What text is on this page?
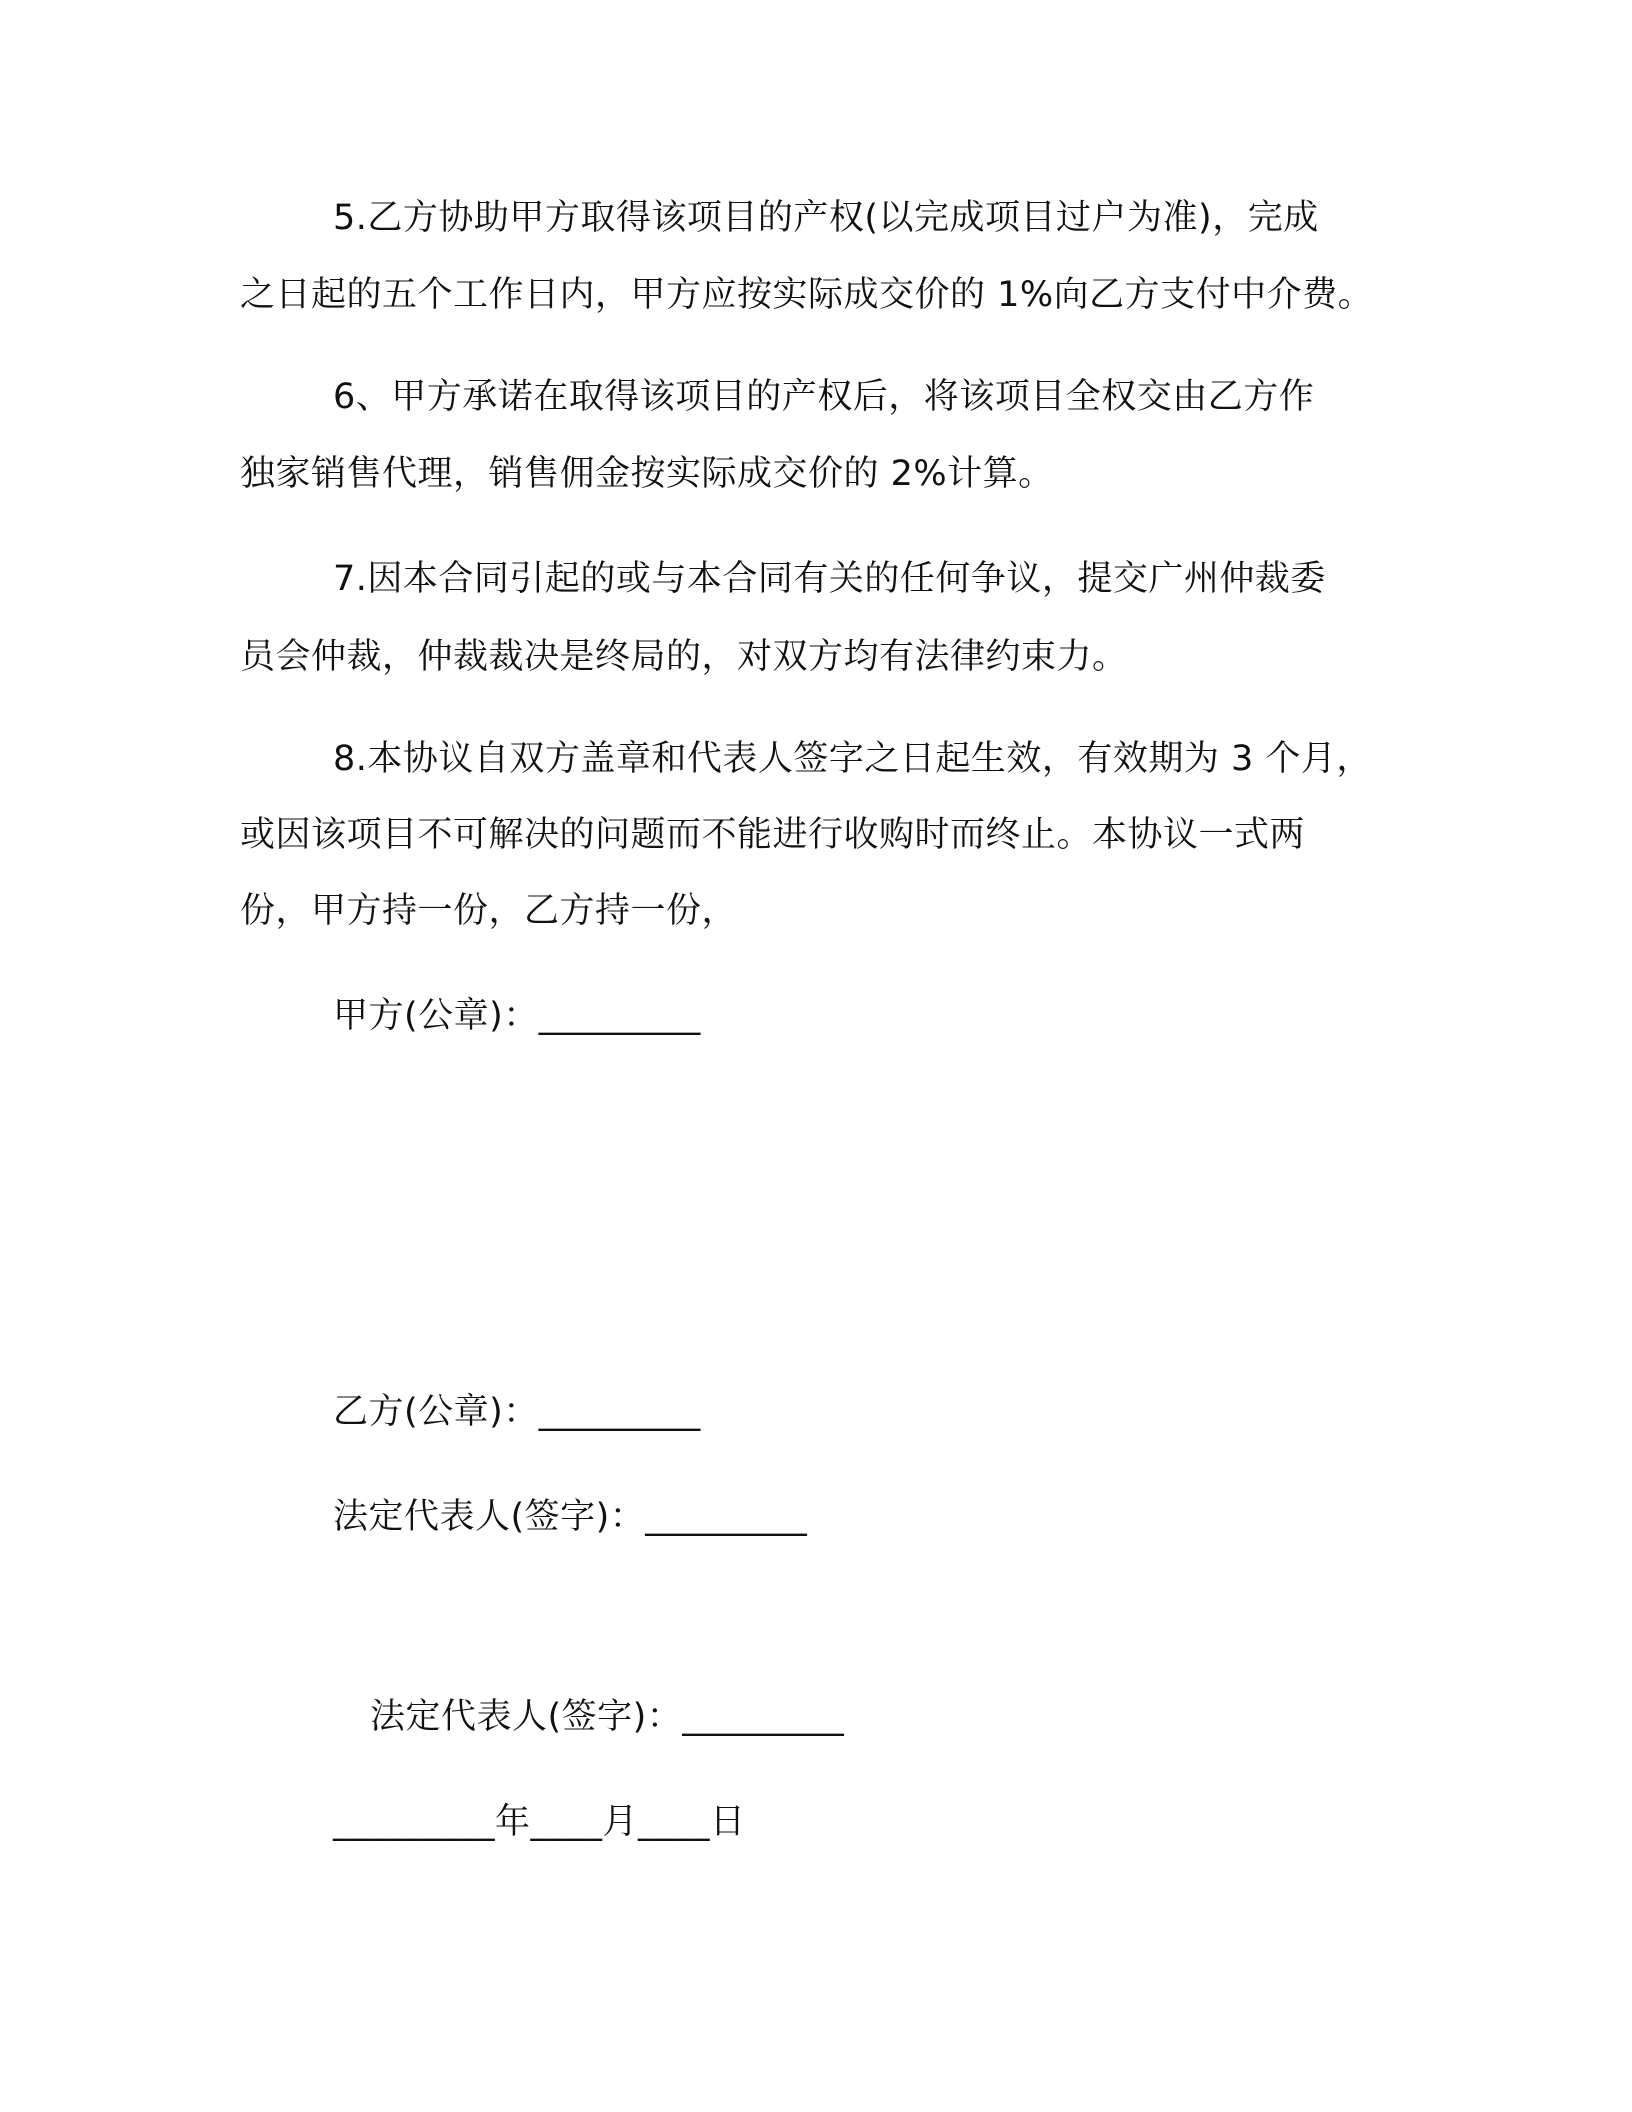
5.乙方协助甲方取得该项目的产权(以完成项目过户为准)，完成
之日起的五个工作日内，甲方应按实际成交价的 1%向乙方支付中介费。
6、甲方承诺在取得该项目的产权后，将该项目全权交由乙方作
独家销售代理，销售佣金按实际成交价的 2%计算。
7.因本合同引起的或与本合同有关的任何争议，提交广州仲裁委
员会仲裁，仲裁裁决是终局的，对双方均有法律约束力。
8.本协议自双方盖章和代表人签字之日起生效，有效期为 3 个月，
或因该项目不可解决的问题而不能进行收购时而终止。本协议一式两
份，甲方持一份，乙方持一份，
甲方(公章)：_________
乙方(公章)：_________
法定代表人(签字)：_________
法定代表人(签字)：_________
_________年____月____日
